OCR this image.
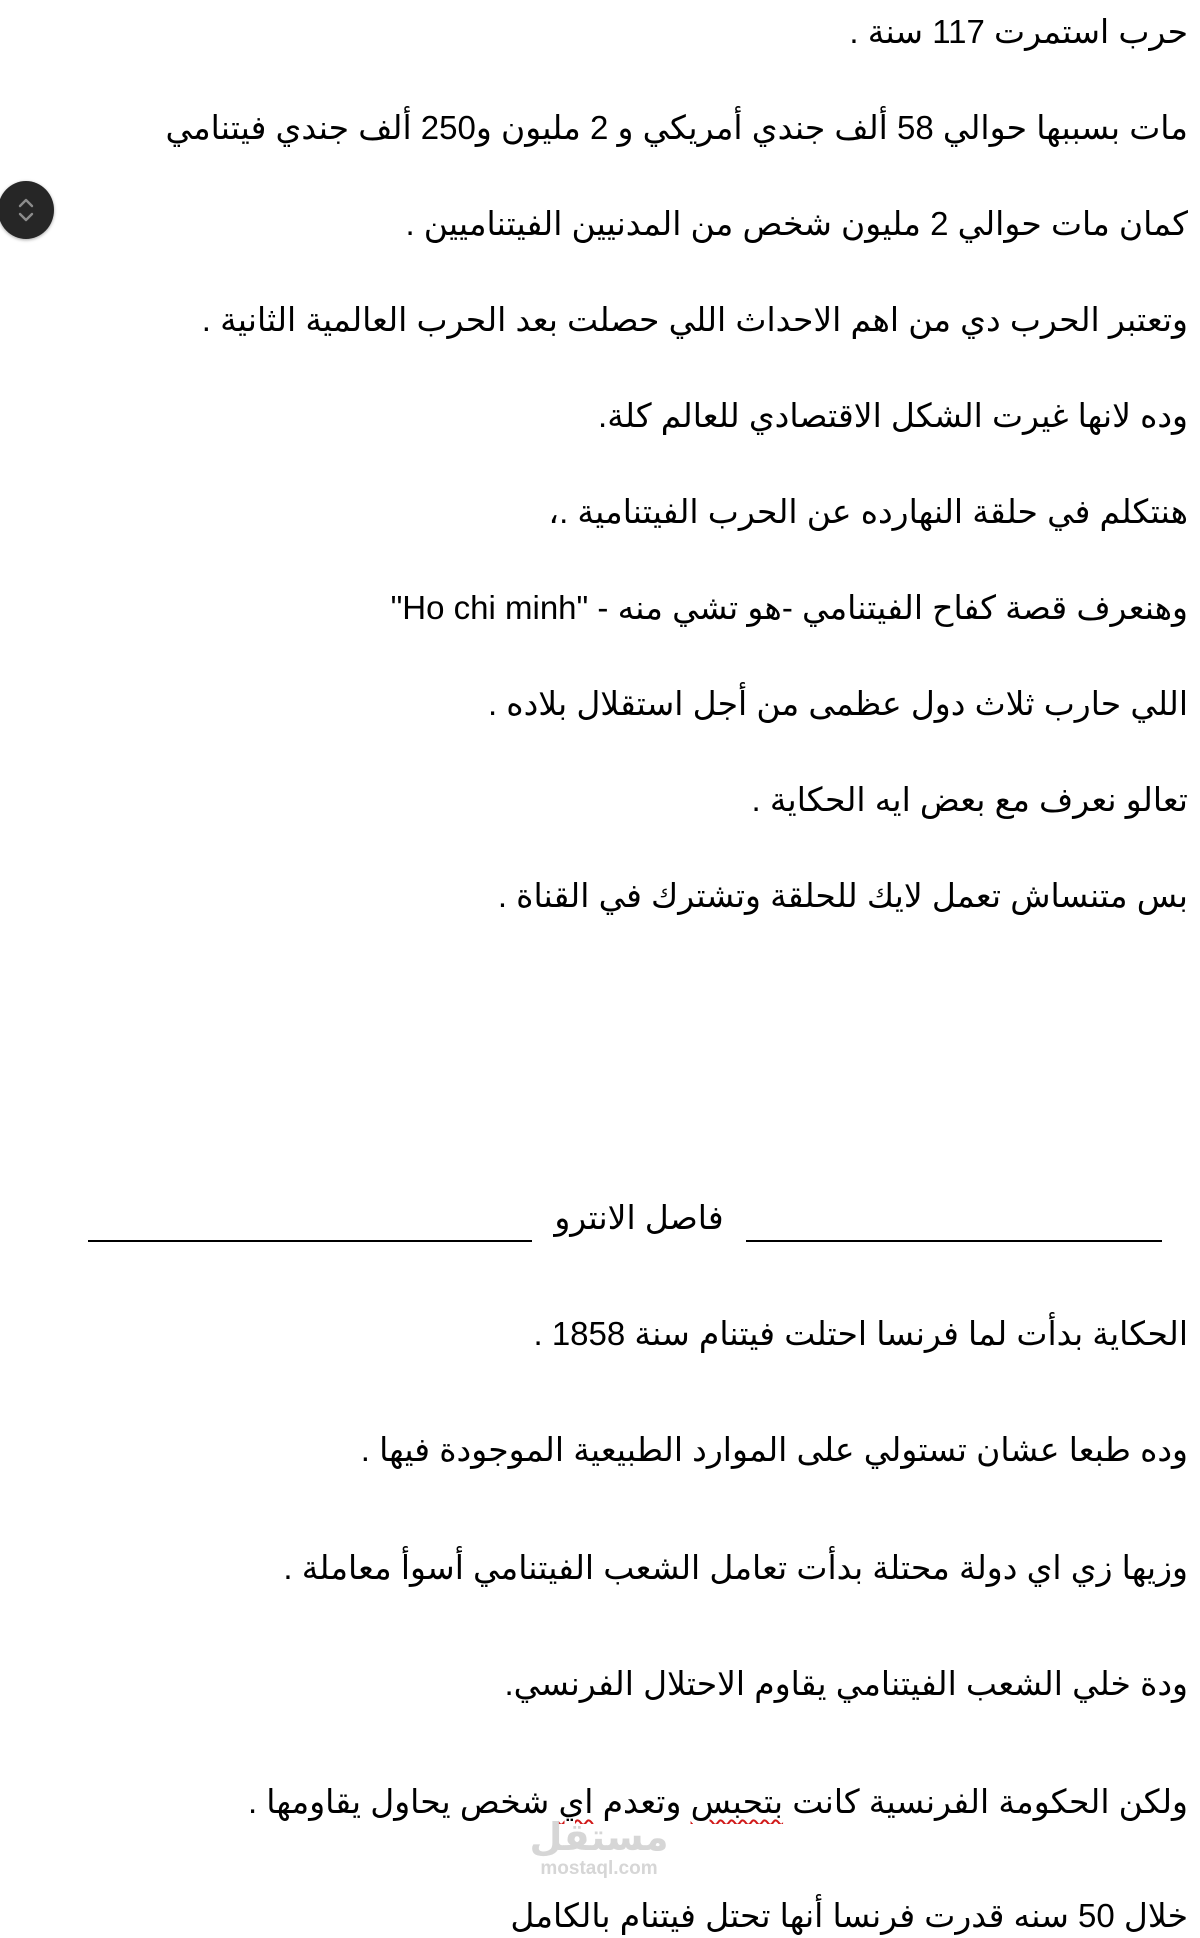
حرب استمرت 117 سنة .
مات بسببها حوالي 58 ألف جندي أمريكي و 2 مليون و250 ألف جندي فيتنامي
كمان مات حوالي 2 مليون شخص من المدنيين الفيتناميين .
وتعتبر الحرب دي من اهم الاحداث اللي حصلت بعد الحرب العالمية الثانية .
وده لانها غيرت الشكل الاقتصادي للعالم كلة.
هنتكلم في حلقة النهارده عن الحرب الفيتنامية .،
وهنعرف قصة كفاح الفيتنامي -هو تشي منه - "Ho chi minh"
اللي حارب ثلاث دول عظمى من أجل استقلال بلاده .
تعالو نعرف مع بعض ايه الحكاية .
بس متنساش تعمل لايك للحلقة وتشترك في القناة .
فاصل الانترو
الحكاية بدأت لما فرنسا احتلت فيتنام سنة 1858 .
وده طبعا عشان تستولي على الموارد الطبيعية الموجودة فيها .
وزيها زي اي دولة محتلة بدأت تعامل الشعب الفيتنامي أسوأ معاملة .
ودة خلي الشعب الفيتنامي يقاوم الاحتلال الفرنسي.
ولكن الحكومة الفرنسية كانت بتحبس وتعدم اي شخص يحاول يقاومها .
خلال 50 سنه قدرت فرنسا أنها تحتل فيتنام بالكامل
مستقل
mostaql.com
